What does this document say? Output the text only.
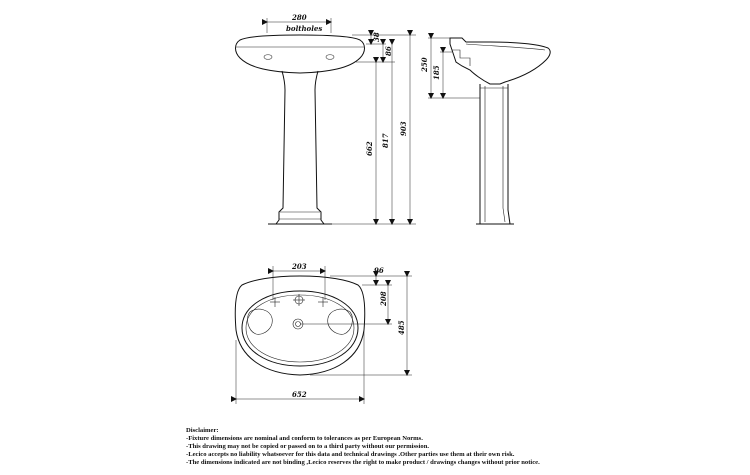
280
boltholes
38
86
662
817
903
250
185
203
652
96
208
485
Disclaimer:
-Fixture dimensions are nominal and conform to tolerances as per European Norms.
-This drawing may not be copied or passed on to a third party without our permission.
-Lecico accepts no liability whatsoever for this data and technical drawings .Other parties use them at their own risk.
-The dimensions indicated are not binding ,Lecico reserves the right to make product / drawings changes without prior notice.
